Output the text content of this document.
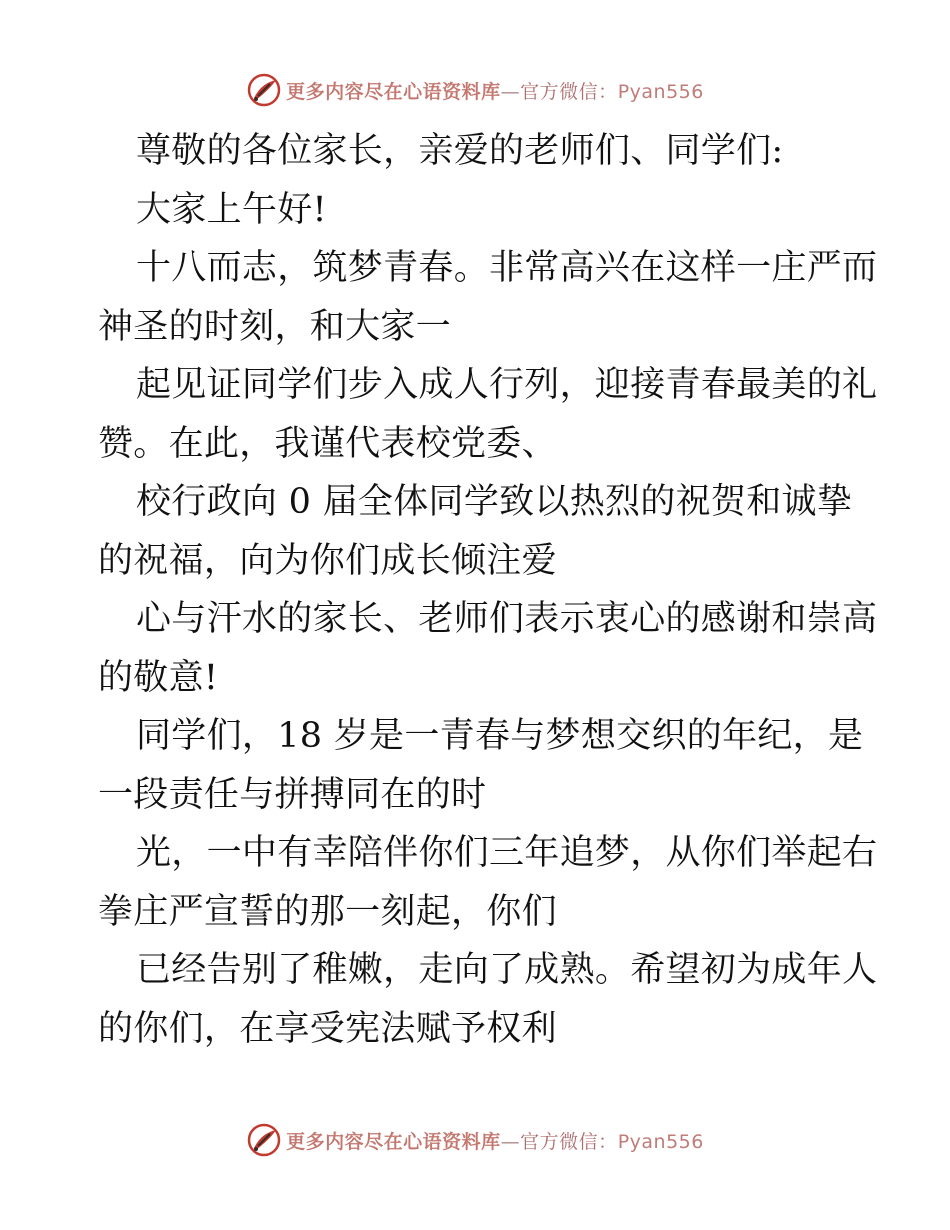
更多内容尽在心语资料库—官方微信：Pyan556
尊敬的各位家长，亲爱的老师们、同学们:
大家上午好!
十八而志，筑梦青春。非常高兴在这样一庄严而
神圣的时刻，和大家一
起见证同学们步入成人行列，迎接青春最美的礼
赞。在此，我谨代表校党委、
校行政向 0 届全体同学致以热烈的祝贺和诚挚
的祝福，向为你们成长倾注爱
心与汗水的家长、老师们表示衷心的感谢和崇高
的敬意!
同学们，18 岁是一青春与梦想交织的年纪，是
一段责任与拼搏同在的时
光，一中有幸陪伴你们三年追梦，从你们举起右
拳庄严宣誓的那一刻起，你们
已经告别了稚嫩，走向了成熟。希望初为成年人
的你们，在享受宪法赋予权利
更多内容尽在心语资料库—官方微信：Pyan556
